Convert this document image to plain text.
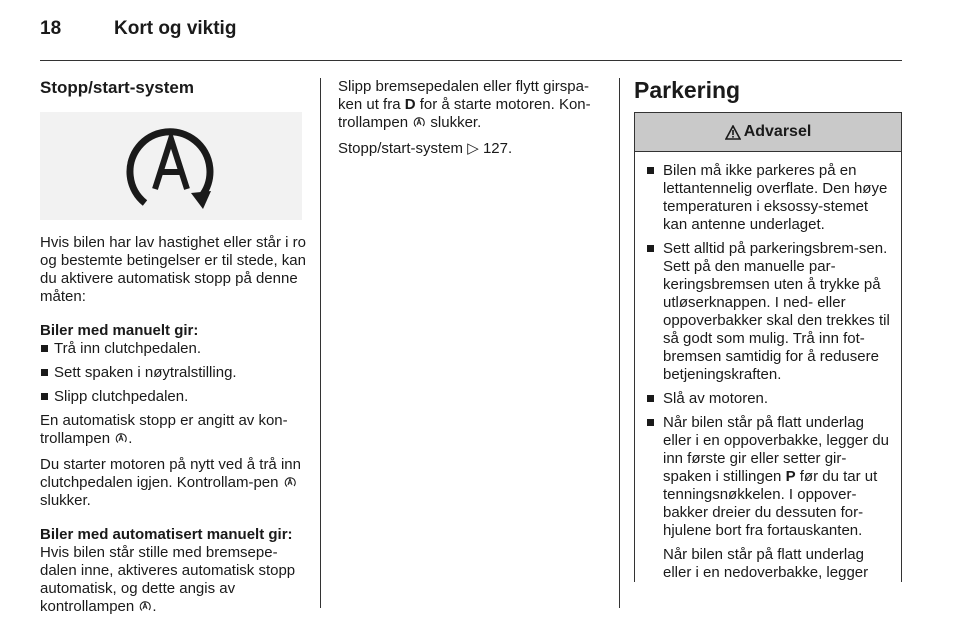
18	Kort og viktig
Stopp/start-system

Hvis bilen har lav hastighet eller står i ro og bestemte betingelser er til stede, kan du aktivere automatisk stopp på denne måten:

Biler med manuelt gir:

Trå inn clutchpedalen.
Sett spaken i nøytralstilling.
Slipp clutchpedalen.

En automatisk stopp er angitt av kon-trollampen .

Du starter motoren på nytt ved å trå inn clutchpedalen igjen. Kontrollam-pen  slukker.

Biler med automatisert manuelt gir:

Hvis bilen står stille med bremsepe-dalen inne, aktiveres automatisk stopp automatisk, og dette angis av kontrollampen .

Slipp bremsepedalen eller flytt girspa-ken ut fra D for å starte motoren. Kon-trollampen slukker.

Stopp/start-system ▷ 127.

Parkering
Advarsel
Bilen må ikke parkeres på en lettantennelig overflate. Den høye temperaturen i eksossy-stemet kan antenne underlaget.
Sett alltid på parkeringsbrem-sen. Sett på den manuelle par-keringsbremsen uten å trykke på utløserknappen. I ned- eller oppoverbakker skal den trekkes til så godt som mulig. Trå inn fot-bremsen samtidig for å redusere betjeningskraften.
Slå av motoren.
Når bilen står på flatt underlag eller i en oppoverbakke, legger du inn første gir eller setter gir-spaken i stillingen P før du tar ut tenningsnøkkelen. I oppover-bakker dreier du dessuten for-hjulene bort fra fortauskanten.

Når bilen står på flatt underlag eller i en nedoverbakke, legger
